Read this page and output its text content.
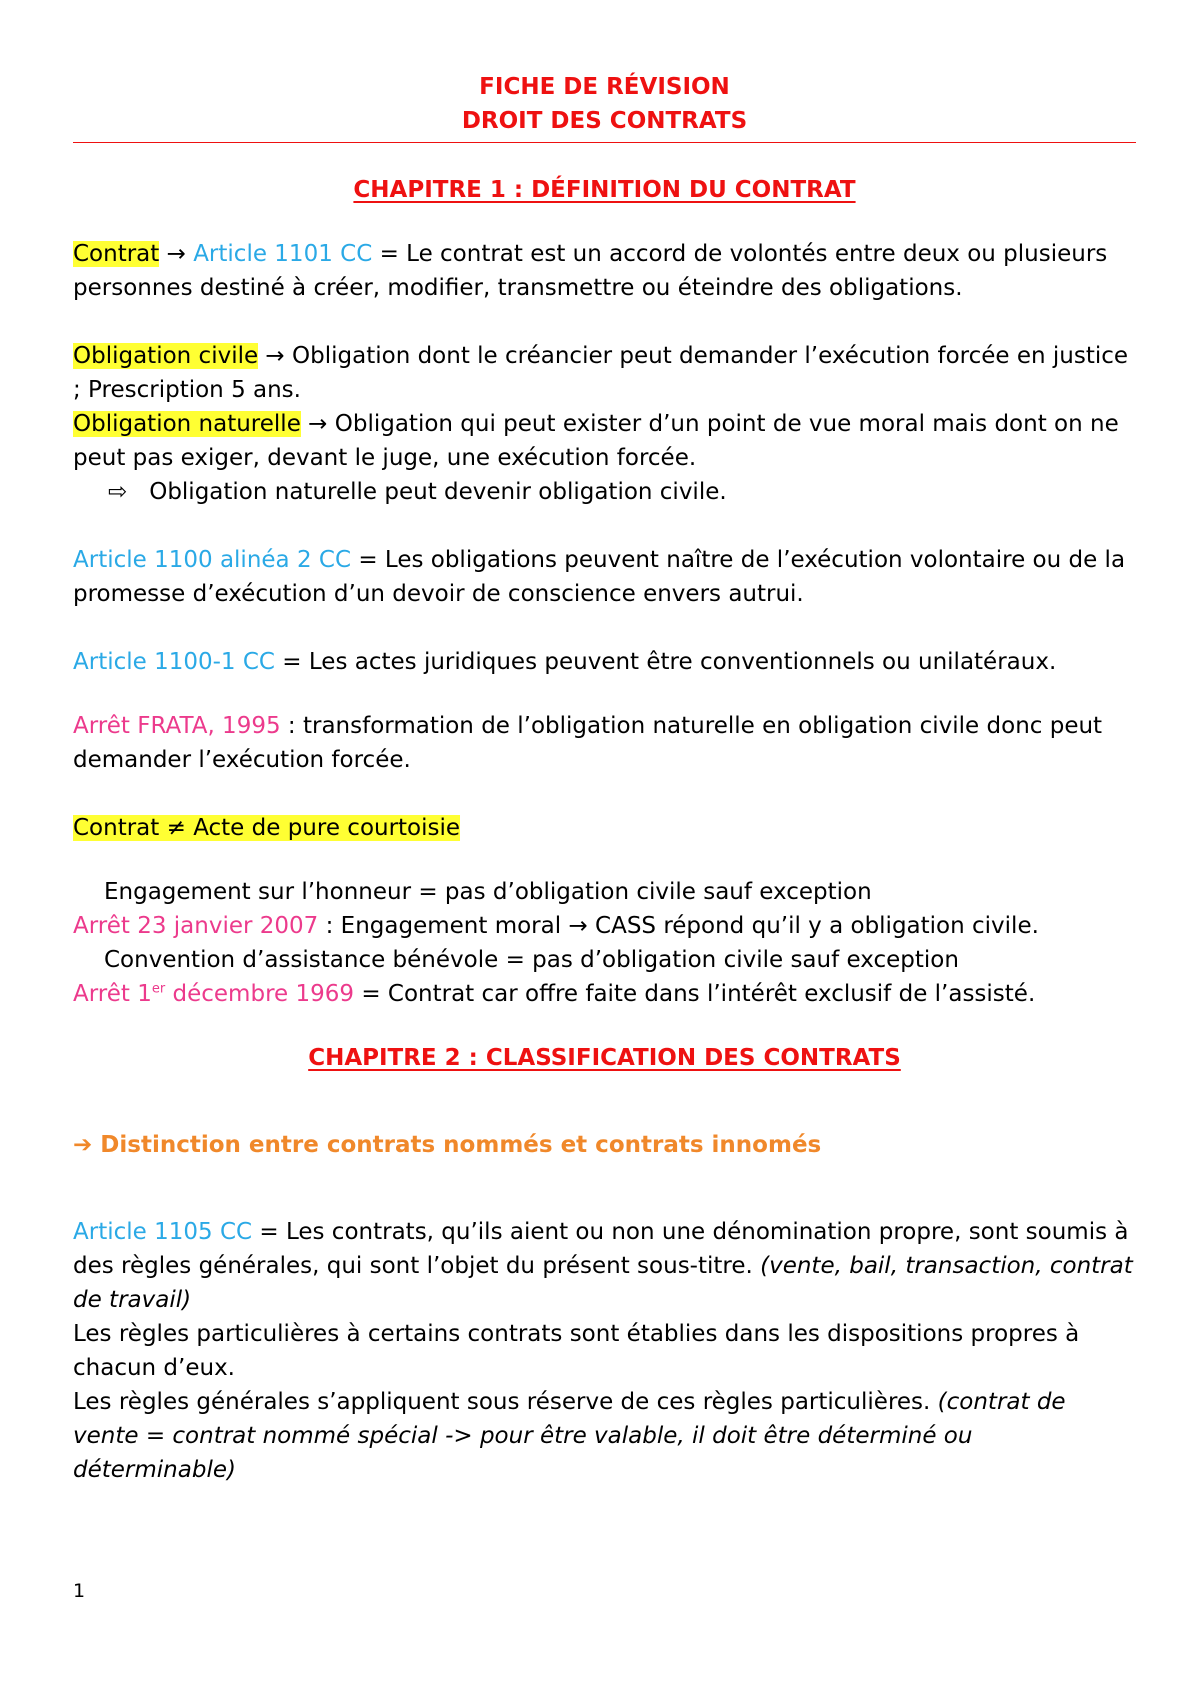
FICHE DE RÉVISION

DROIT DES CONTRATS

CHAPITRE 1 : DÉFINITION DU CONTRAT

Contrat → Article 1101 CC = Le contrat est un accord de volontés entre deux ou plusieurs personnes destiné à créer, modifier, transmettre ou éteindre des obligations.

Obligation civile → Obligation dont le créancier peut demander l’exécution forcée en justice ; Prescription 5 ans.

Obligation naturelle → Obligation qui peut exister d’un point de vue moral mais dont on ne peut pas exiger, devant le juge, une exécution forcée.

⇨ Obligation naturelle peut devenir obligation civile.

Article 1100 alinéa 2 CC = Les obligations peuvent naître de l’exécution volontaire ou de la promesse d’exécution d’un devoir de conscience envers autrui.

Article 1100-1 CC = Les actes juridiques peuvent être conventionnels ou unilatéraux.

Arrêt FRATA, 1995 : transformation de l’obligation naturelle en obligation civile donc peut demander l’exécution forcée.

Contrat ≠ Acte de pure courtoisie

Engagement sur l’honneur = pas d’obligation civile sauf exception

Arrêt 23 janvier 2007 : Engagement moral → CASS répond qu’il y a obligation civile.

Convention d’assistance bénévole = pas d’obligation civile sauf exception

Arrêt 1er décembre 1969 = Contrat car offre faite dans l’intérêt exclusif de l’assisté.

CHAPITRE 2 : CLASSIFICATION DES CONTRATS

➔ Distinction entre contrats nommés et contrats innomés

Article 1105 CC = Les contrats, qu’ils aient ou non une dénomination propre, sont soumis à des règles générales, qui sont l’objet du présent sous-titre. (vente, bail, transaction, contrat de travail)

Les règles particulières à certains contrats sont établies dans les dispositions propres à chacun d’eux.

Les règles générales s’appliquent sous réserve de ces règles particulières. (contrat de vente = contrat nommé spécial -> pour être valable, il doit être déterminé ou déterminable)

1
